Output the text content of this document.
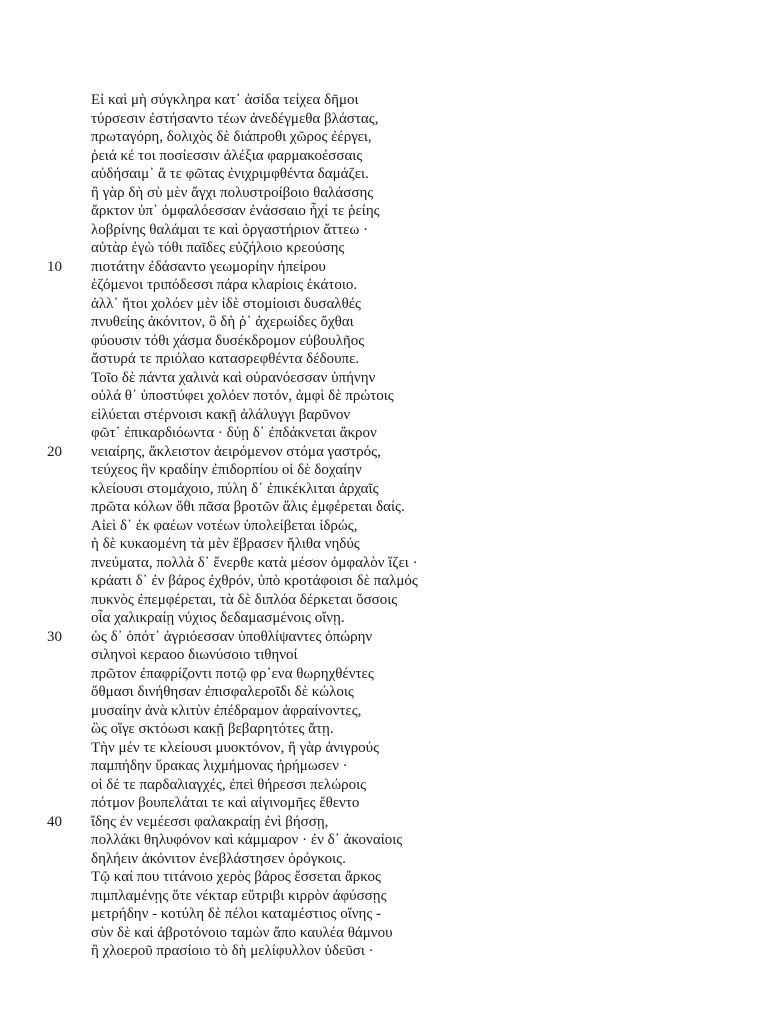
Εἰ καὶ μὴ σύγκληρα κατ᾽ ἀσίδα τείχεα δῆμοι
τύρσεσιν ἐστήσαντο τέων ἀνεδέγμεθα βλάστας,
πρωταγόρη, δολιχὸς δὲ διάπροθι χῶρος ἐέργει,
ῥειά κέ τοι ποσίεσσιν ἀλέξια φαρμακοέσσαις
αὐδήσαιμ᾽ ἅ τε φῶτας ἐνιχριμφθέντα δαμάζει.
ἢ γὰρ δὴ σὺ μὲν ἄγχι πολυστροίβοιο θαλάσσης
ἄρκτον ὑπ᾽ ὀμφαλόεσσαν ἐνάσσαιο ἧχί τε ῥείης
λοβρίνης θαλάμαι τε καὶ ὀργαστήριον ἄττεω ·
αὐτὰρ ἐγὼ τόθι παῖδες εὐζήλοιο κρεούσης
10	πιοτάτην ἐδάσαντο γεωμορίην ἠπείρου
ἑζόμενοι τριπόδεσσι πάρα κλαρίοις ἑκάτοιο.
ἀλλ᾽ ἤτοι χολόεν μὲν ἰδὲ στομίοισι δυσαλθές
πνυθείης ἀκόνιτον, ὃ δὴ ῥ᾽ ἀχερωίδες ὄχθαι
φύουσιν τόθι χάσμα δυσέκδρομον εὐβουλῆος
ἄστυρά τε πριόλαο κατασρεφθέντα δέδουπε.
Τοῖο δὲ πάντα χαλινὰ καὶ οὐρανόεσσαν ὑπήνην
οὐλά θ᾽ ὑποστύφει χολόεν ποτόν, ἀμφὶ δὲ πρώτοις
εἰλύεται στέρνοισι κακῇ ἀλάλυγγι βαρῦνον
φῶτ᾽ ἐπικαρδιόωντα · δύῃ δ᾽ ἐπδάκνεται ἄκρον
20	νειαίρης, ἄκλειστον ἀειρόμενον στόμα γαστρός,
τεύχεος ἣν κραδίην ἐπιδορπίου οἱ δὲ δοχαίην
κλείουσι στομάχοιο, πύλη δ᾽ ἐπικέκλιται ἀρχαῖς
πρῶτα κόλων ὅθι πᾶσα βροτῶν ἅλις ἐμφέρεται δαίς.
Αἰεὶ δ᾽ ἐκ φαέων νοτέων ὑπολείβεται ἱδρώς,
ἡ δὲ κυκαομένη τὰ μὲν ἔβρασεν ἤλιθα νηδύς
πνεύματα, πολλὰ δ᾽ ἔνερθε κατὰ μέσον ὀμφαλὸν ἵζει ·
κράατι δ᾽ ἐν βάρος ἐχθρόν, ὑπὸ κροτάφοισι δὲ παλμός
πυκνὸς ἐπεμφέρεται, τὰ δὲ διπλόα δέρκεται ὄσσοις
οἷα χαλικραίῃ νύχιος δεδαμασμένοις οἴνῃ.
30	ὡς δ᾽ ὁπότ᾽ ἀγριόεσσαν ὑποθλίψαντες ὀπώρην
σιληνοὶ κεραοο διωνύσοιο τιθηνοί
πρῶτον ἐπαφρίζοντι ποτῷ φρ᾽ενα θωρηχθέντες
ὄθμασι δινήθησαν ἐπισφαλεροῖδι δὲ κώλοις
μυσαίην ἀνὰ κλιτὺν ἐπέδραμον ἀφραίνοντες,
ὣς οἵγε σκτόωσι κακῇ βεβαρητότες ἄτῃ.
Τὴν μέν τε κλείουσι μυοκτόνον, ἣ γὰρ ἀνιγρούς
παμπήδην ὕρακας λιχμήμονας ἠρήμωσεν ·
οἱ δέ τε παρδαλιαγχές, ἐπεὶ θήρεσσι πελώροις
πότμον βουπελάται τε καὶ αἰγινομῆες ἔθεντο
40	ἴδης ἐν νεμέεσσι φαλακραίῃ ἐνὶ βήσσῃ,
πολλάκι θηλυφόνον καὶ κάμμαρον · ἐν δ᾽ ἀκοναίοις
δηλήειν ἀκόνιτον ἐνεβλάστησεν ὀρόγκοις.
Τῷ καί που τιτάνοιο χερὸς βάρος ἔσσεται ἄρκος
πιμπλαμένῃς ὅτε νέκταρ εὔτριβι κιρρὸν ἀφύσσῃς
μετρήδην - κοτύλη δὲ πέλοι καταμέστιος οἴνης -
σὺν δὲ καὶ ἀβροτόνοιο ταμὼν ἄπο καυλέα θάμνου
ἢ χλοεροῦ πρασίοιο τὸ δὴ μελίφυλλον ὑδεῦσι ·
